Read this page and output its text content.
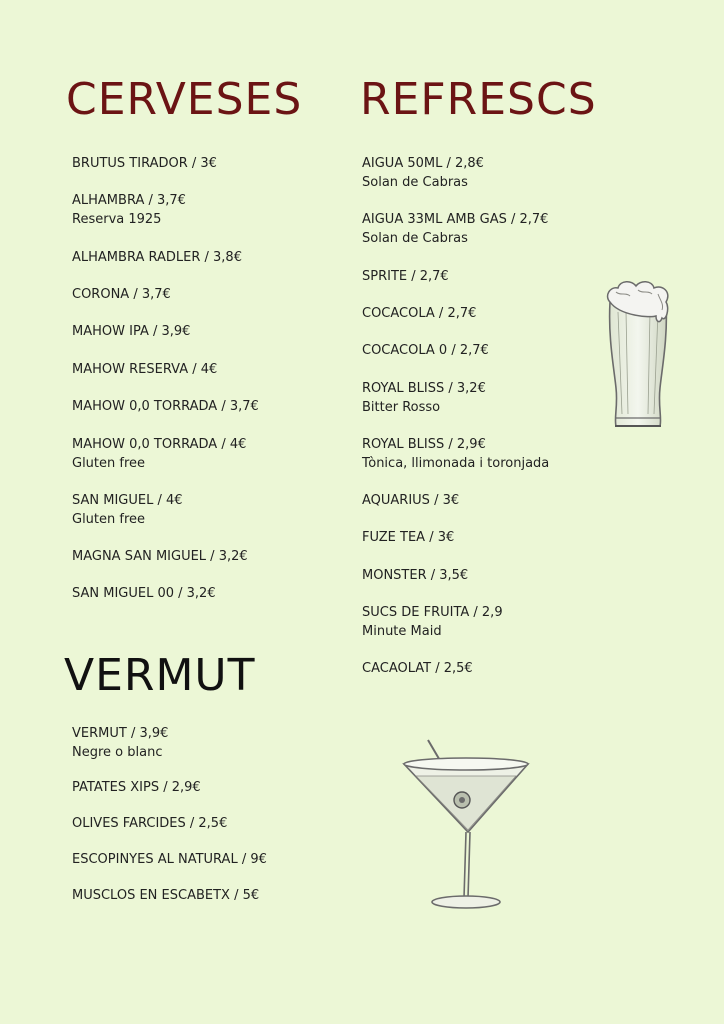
CERVESES REFRESCS
VERMUT
BRUTUS TIRADOR / 3€
ALHAMBRA / 3,7€
Reserva 1925
ALHAMBRA RADLER / 3,8€
CORONA / 3,7€
MAHOW IPA / 3,9€
MAHOW RESERVA / 4€
MAHOW 0,0 TORRADA / 3,7€
MAHOW 0,0 TORRADA / 4€
Gluten free
SAN MIGUEL / 4€
Gluten free
MAGNA SAN MIGUEL / 3,2€
SAN MIGUEL 00 / 3,2€
AIGUA 50ML / 2,8€
Solan de Cabras
AIGUA 33ML AMB GAS / 2,7€
Solan de Cabras
SPRITE / 2,7€
COCACOLA / 2,7€
COCACOLA 0 / 2,7€
ROYAL BLISS / 3,2€
Bitter Rosso
ROYAL BLISS / 2,9€
Tònica, llimonada i toronjada
AQUARIUS / 3€
FUZE TEA / 3€
MONSTER / 3,5€
SUCS DE FRUITA / 2,9
Minute Maid
CACAOLAT / 2,5€
VERMUT / 3,9€
Negre o blanc
PATATES XIPS / 2,9€
OLIVES FARCIDES / 2,5€
ESCOPINYES AL NATURAL / 9€
MUSCLOS EN ESCABETX / 5€
